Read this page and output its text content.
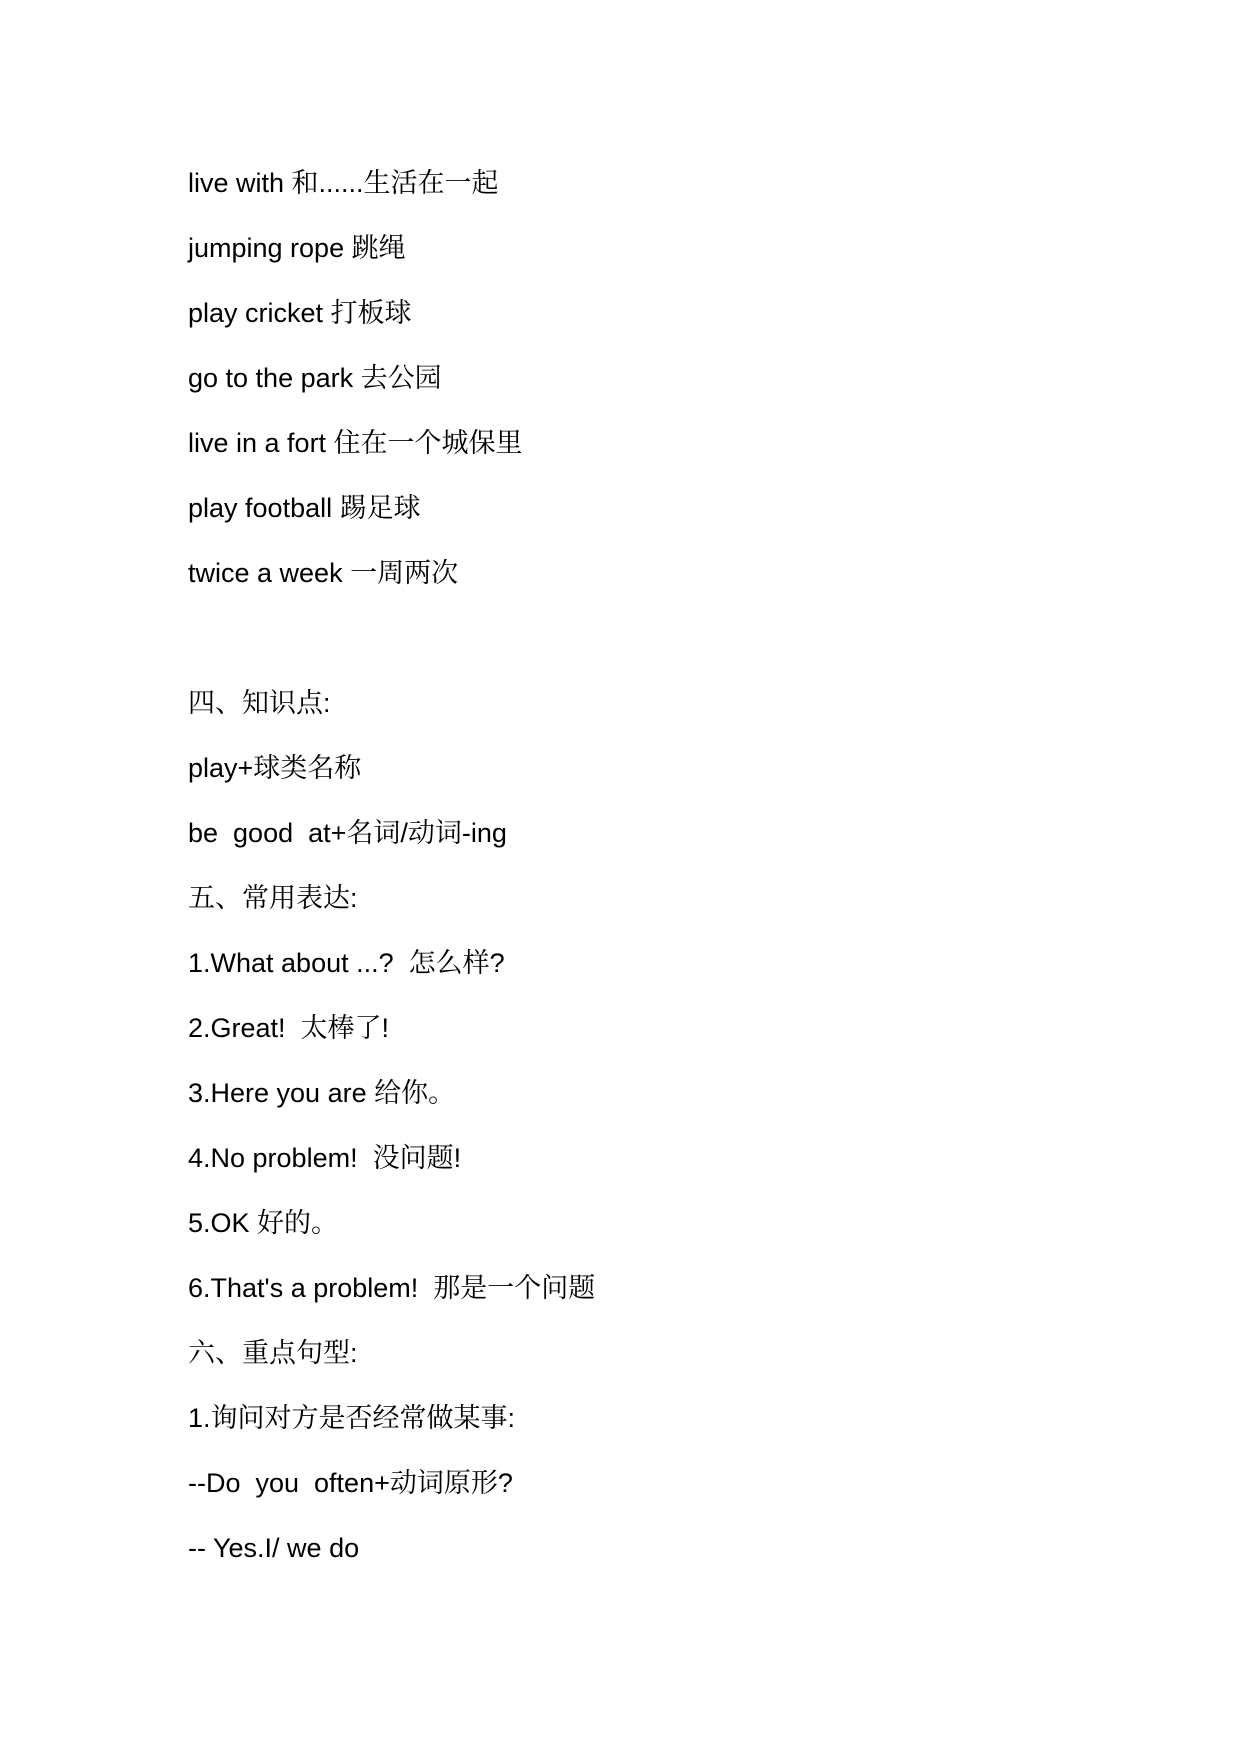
live with 和......生活在一起

jumping rope 跳绳

play cricket 打板球

go to the park 去公园

live in a fort 住在一个城保里

play football 踢足球

twice a week 一周两次

四、知识点:

play+球类名称

be  good  at+名词/动词-ing

五、常用表达:

1.What about ...?  怎么样?

2.Great!  太棒了!

3.Here you are 给你。

4.No problem!  没问题!

5.OK 好的。

6.That's a problem!  那是一个问题

六、重点句型:

1.询问对方是否经常做某事:

--Do  you  often+动词原形?

-- Yes.I/ we do
